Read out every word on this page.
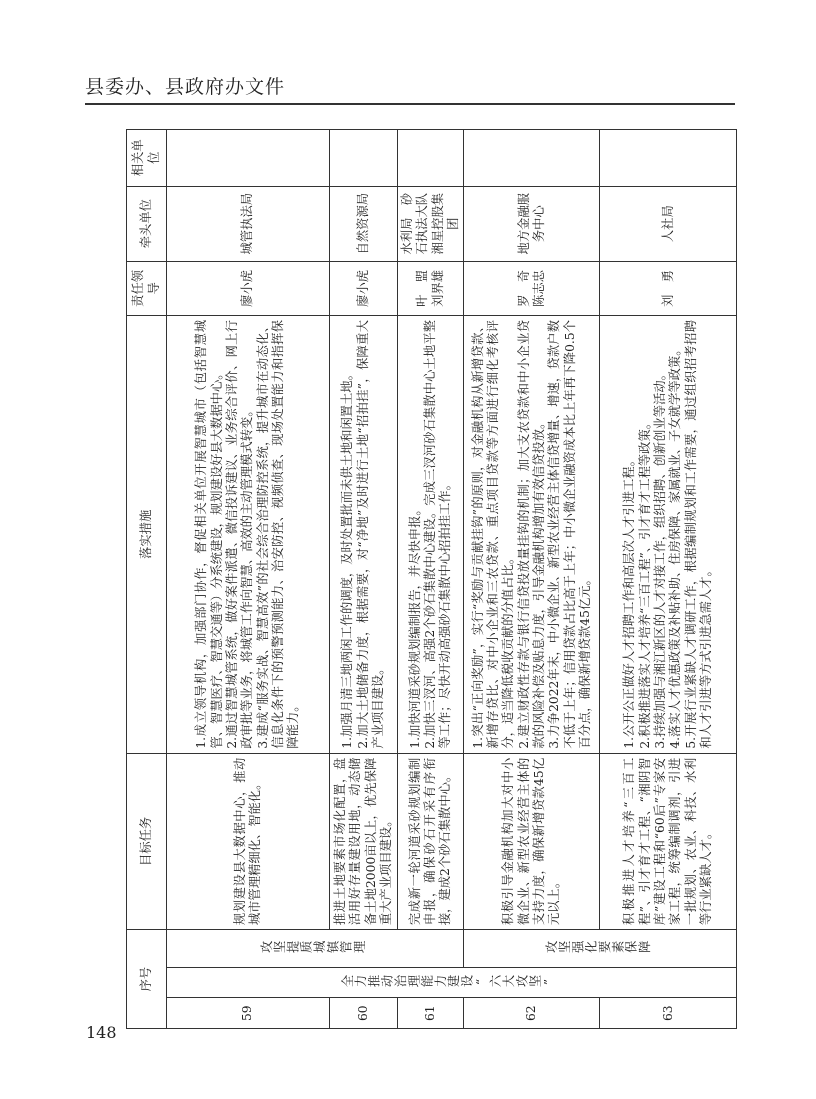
县委办、县政府办文件
序号			目标任务	落实措施	责任领导	牵头单位	相关单位
59	全力推动治理能力建设“六大攻坚”	攻坚提质城镇管理	规划建设县大数据中心，推动城市管理精细化、智能化。	1.成立领导机构，加强部门协作，督促相关单位开展智慧城市（包括智慧城管、智慧医疗、智慧交通等）分系统建设，规划建设好县大数据中心。 2.通过智慧城管系统，做好案件派遣、微信投诉建议、业务综合评价、网上行政审批等业务，将城管工作向智慧、高效的主动管理模式转变。 3.建成“服务实战、智慧高效”的社会综合治理防控系统，提升城市在动态化、信息化条件下的预警预测能力、治安防控、视频侦查、现场处置能力和指挥保障能力。	廖小虎	城管执法局	
60			推进土地要素市场化配置，盘活用好存量建设用地，动态储备土地2000亩以上，优先保障重大产业项目建设。	1.加强月清三地两闲工作的调度，及时处置批而未供土地和闲置土地。 2.加大土地储备力度，根据需要，对“净地”及时进行土地“招拍挂”，保障重大产业项目建设。	廖小虎	自然资源局	
61			完成新一轮河道采砂规划编制申报，确保砂石开采有序衔接，建成2个砂石集散中心。	1.加快河道采砂规划编制报告，并尽快申报。 2.加快三汊河、高强2个砂石集散中心建设。完成三汊河砂石集散中心土地平整等工作；尽快开动高强砂石集散中心招拍挂工作。	叶　盟　刘界雄	水利局　砂石执法大队　湘星控股集团	
62		攻坚强化要素保障	积极引导金融机构加大对中小微企业、新型农业经营主体的支持力度，确保新增贷款45亿元以上。	1.突出“正向奖励”，实行“奖励与贡献挂钩”的原则，对金融机构从新增贷款、新增存贷比、对中小企业和三农贷款、重点项目贷款等方面进行细化考核评分，适当降低税收贡献的分值占比。 2.建立财政性存款与银行信贷投放量挂钩的机制；加大支农贷款和中小企业贷款的风险补偿及贴息力度，引导金融机构增加有效信贷投放。 3.力争2022年末，中小微企业、新型农业经营主体信贷增量、增速，贷款户数不低于上年；信用贷款占比高于上年；中小微企业融资成本比上年再下降0.5个百分点，确保新增贷款45亿元。	罗　奇　陈志忠	地方金融服务中心	
63			积极推进人才培养“三百工程”、引才育才工程、“湘阴智库”建设工程和“60后”专家安家工程，统筹编制调剂，引进一批规划、农业、科技、水利等行业紧缺人才。	1.公开公正做好人才招聘工作和高层次人才引进工程。 2.积极推进落实人才培养“三百工程”、引才育才工程等政策。 3.持续加强与湘江新区的人才对接工作，组织招聘、创新创业等活动。 4.落实人才优惠政策及补贴补助、住房保障、家属就业、子女就学等政策。 5.开展行业紧缺人才调研工作，根据编制规划和工作需要，通过组织招考招聘和人才引进等方式引进急需人才。	刘　勇	人社局	
148
